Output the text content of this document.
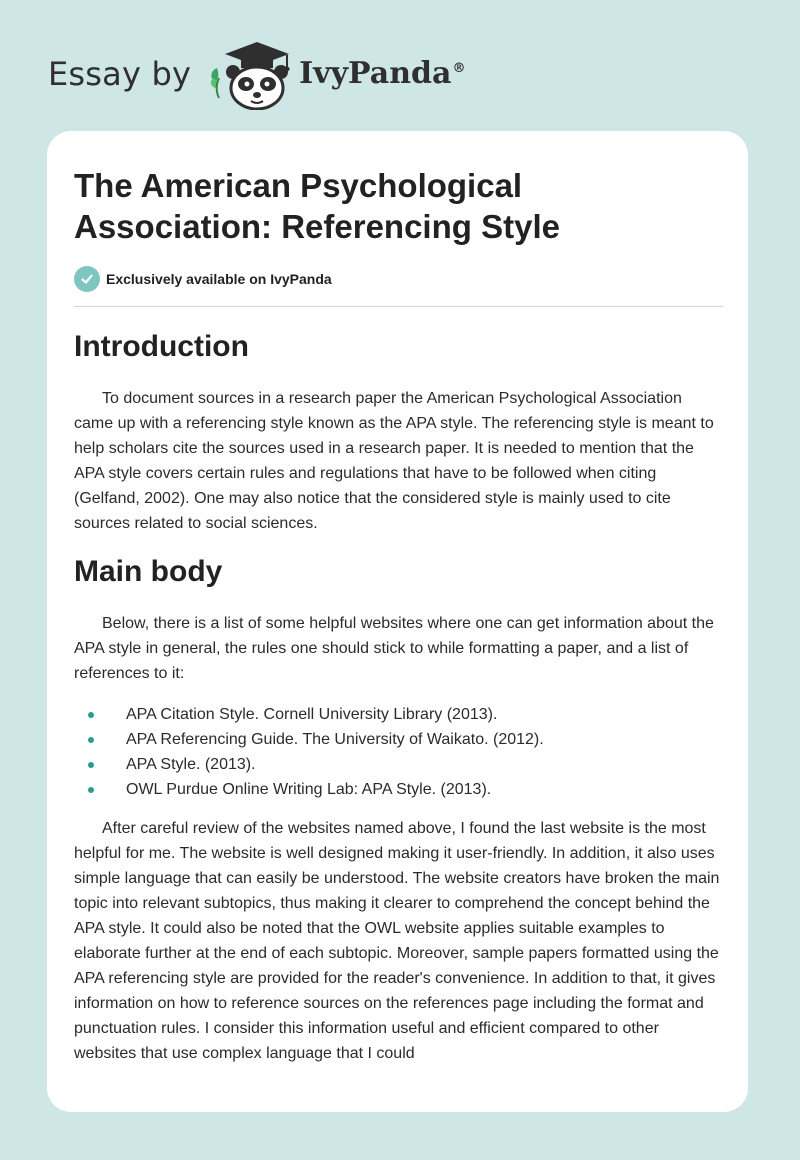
Essay by	IvyPanda®
The American Psychological Association: Referencing Style
Exclusively available on IvyPanda
Introduction

To document sources in a research paper the American Psychological Association came up with a referencing style known as the APA style. The referencing style is meant to help scholars cite the sources used in a research paper. It is needed to mention that the APA style covers certain rules and regulations that have to be followed when citing (Gelfand, 2002). One may also notice that the considered style is mainly used to cite sources related to social sciences.

Main body

Below, there is a list of some helpful websites where one can get information about the APA style in general, the rules one should stick to while formatting a paper, and a list of references to it:

APA Citation Style. Cornell University Library (2013).
APA Referencing Guide. The University of Waikato. (2012).
APA Style. (2013).
OWL Purdue Online Writing Lab: APA Style. (2013).

After careful review of the websites named above, I found the last website is the most helpful for me. The website is well designed making it user-friendly. In addition, it also uses simple language that can easily be understood. The website creators have broken the main topic into relevant subtopics, thus making it clearer to comprehend the concept behind the APA style. It could also be noted that the OWL website applies suitable examples to elaborate further at the end of each subtopic. Moreover, sample papers formatted using the APA referencing style are provided for the reader's convenience. In addition to that, it gives information on how to reference sources on the references page including the format and punctuation rules. I consider this information useful and efficient compared to other websites that use complex language that I could
